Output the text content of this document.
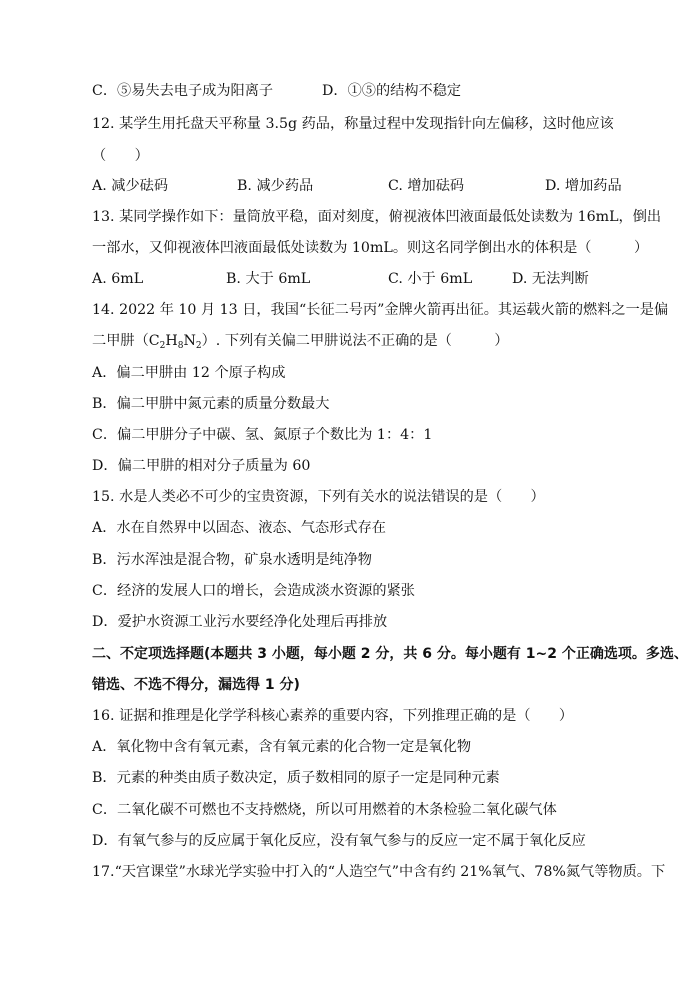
C．⑤易失去电子成为阳离子	D．①⑤的结构不稳定
12. 某学生用托盘天平称量 3.5g 药品，称量过程中发现指针向左偏移，这时他应该
（　　）
A. 减少砝码	B. 减少药品	C. 增加砝码	D. 增加药品
13. 某同学操作如下：量筒放平稳，面对刻度，俯视液体凹液面最低处读数为 16mL，倒出
一部水，又仰视液体凹液面最低处读数为 10mL。则这名同学倒出水的体积是（　　　）
A. 6mL	B. 大于 6mL	C. 小于 6mL	D. 无法判断
14. 2022 年 10 月 13 日，我国“长征二号丙”金牌火箭再出征。其运载火箭的燃料之一是偏
二甲肼$(C_2H_8N_2)$. 下列有关偏二甲肼说法不正确的是（　　　）
A．偏二甲肼由 12 个原子构成
B．偏二甲肼中氮元素的质量分数最大
C．偏二甲肼分子中碳、氢、氮原子个数比为 1：4：1
D．偏二甲肼的相对分子质量为 60
15. 水是人类必不可少的宝贵资源，下列有关水的说法错误的是（　　）
A．水在自然界中以固态、液态、气态形式存在
B．污水浑浊是混合物，矿泉水透明是纯净物
C．经济的发展人口的增长，会造成淡水资源的紧张
D．爱护水资源工业污水要经净化处理后再排放
二、不定项选择题(本题共 3 小题，每小题 2 分，共 6 分。每小题有 1~2 个正确选项。多选、
错选、不选不得分，漏选得 1 分)
16. 证据和推理是化学学科核心素养的重要内容，下列推理正确的是（　　）
A．氧化物中含有氧元素，含有氧元素的化合物一定是氧化物
B．元素的种类由质子数决定，质子数相同的原子一定是同种元素
C．二氧化碳不可燃也不支持燃烧，所以可用燃着的木条检验二氧化碳气体
D．有氧气参与的反应属于氧化反应，没有氧气参与的反应一定不属于氧化反应
17.“天宫课堂”水球光学实验中打入的“人造空气”中含有约 21%氧气、78%氮气等物质。下
